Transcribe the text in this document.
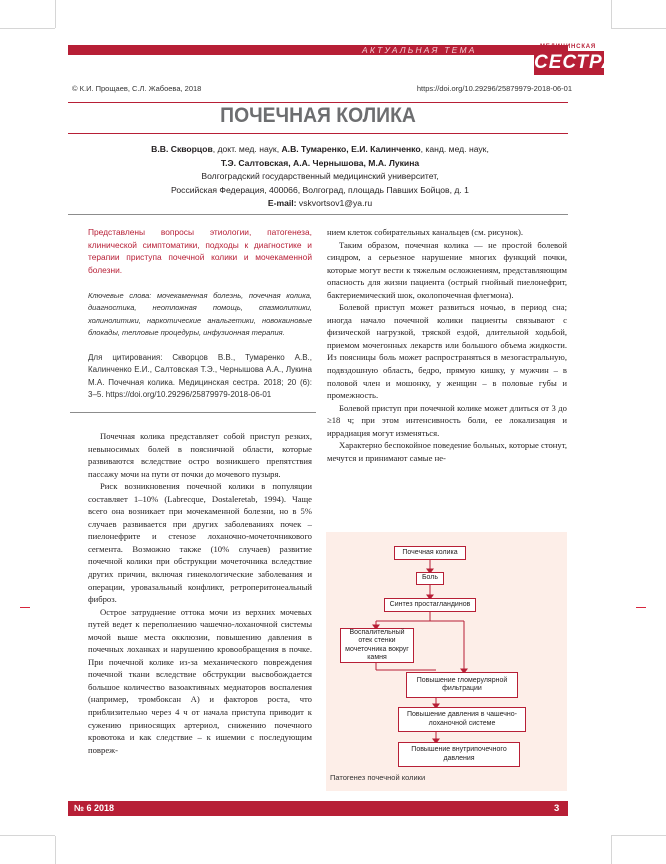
АКТУАЛЬНАЯ ТЕМА	МЕДИЦИНСКАЯ
СЕСТРА
© К.И. Прощаев, С.Л. Жабоева, 2018	https://doi.org/10.29296/25879979-2018-06-01
ПОЧЕЧНАЯ КОЛИКА
В.В. Скворцов, докт. мед. наук, А.В. Тумаренко, Е.И. Калинченко, канд. мед. наук,
Т.Э. Салтовская, А.А. Чернышова, М.А. Лукина
Волгоградский государственный медицинский университет,
Российская Федерация, 400066, Волгоград, площадь Павших Бойцов, д. 1
E-mail: vskvortsov1@ya.ru
Представлены вопросы этиологии, патогенеза, клинической симптоматики, подходы к диагностике и терапии приступа почечной колики и мочекаменной болезни.
Ключевые слова: мочекаменная болезнь, почечная колика, диагностика, неотложная помощь, спазмолитики, холинолитики, наркотические анальгетики, новокаиновые блокады, тепловые процедуры, инфузионная терапия.
Для цитирования: Скворцов В.В., Тумаренко А.В., Калинченко Е.И., Салтовская Т.Э., Чернышова А.А., Лукина М.А. Почечная колика. Медицинская сестра. 2018; 20 (6): 3–5. https://doi.org/10.29296/25879979-2018-06-01

Почечная колика представляет собой приступ резких, невыносимых болей в поясничной области, которые развиваются вследствие остро возникшего препятствия пассажу мочи на пути от почки до мочевого пузыря.

Риск возникновения почечной колики в популяции составляет 1–10% (Labrecque, Dostaleretab, 1994). Чаще всего она возникает при мочекаменной болезни, но в 5% случаев развивается при других заболеваниях почек – пиелонефрите и стенозе лоханочно-мочеточникового сегмента. Возможно также (10% случаев) развитие почечной колики при обструкции мочеточника вследствие других причин, включая гинекологические заболевания и операции, уровазальный конфликт, ретроперитонеальный фиброз.

Острое затруднение оттока мочи из верхних мочевых путей ведет к переполнению чашечно-лоханочной системы мочой выше места окклюзии, повышению давления в почечных лоханках и нарушению кровообращения в почке. При почечной колике из-за механического повреждения почечной ткани вследствие обструкции высвобождается большое количество вазоактивных медиаторов воспаления (например, тромбоксан А) и факторов роста, что приблизительно через 4 ч от начала приступа приводит к сужению приносящих артериол, снижению почечного кровотока и как следствие – к ишемии с последующим повреж-

нием клеток собирательных канальцев (см. рисунок).

Таким образом, почечная колика — не простой болевой синдром, а серьезное нарушение многих функций почки, которые могут вести к тяжелым осложнениям, представляющим опасность для жизни пациента (острый гнойный пиелонефрит, бактериемический шок, околопочечная флегмона).

Болевой приступ может развиться ночью, в период сна; иногда начало почечной колики пациенты связывают с физической нагрузкой, тряской ездой, длительной ходьбой, приемом мочегонных лекарств или большого объема жидкости. Из поясницы боль может распространяться в мезогастральную, подвздошную область, бедро, прямую кишку, у мужчин – в половой член и мошонку, у женщин – в половые губы и промежность.

Болевой приступ при почечной колике может длиться от 3 до ≥18 ч; при этом интенсивность боли, ее локализация и иррадиация могут изменяться.

Характерно беспокойное поведение больных, которые стонут, мечутся и принимают самые не-

Почечная колика
Боль
Синтез простагландинов
Воспалительный отек стенки мочеточника вокруг камня
Повышение гломерулярной фильтрации
Повышение давления в чашечно-лоханочной системе
Повышение внутрипочечного давления
Патогенез почечной колики
№ 6 2018	3
